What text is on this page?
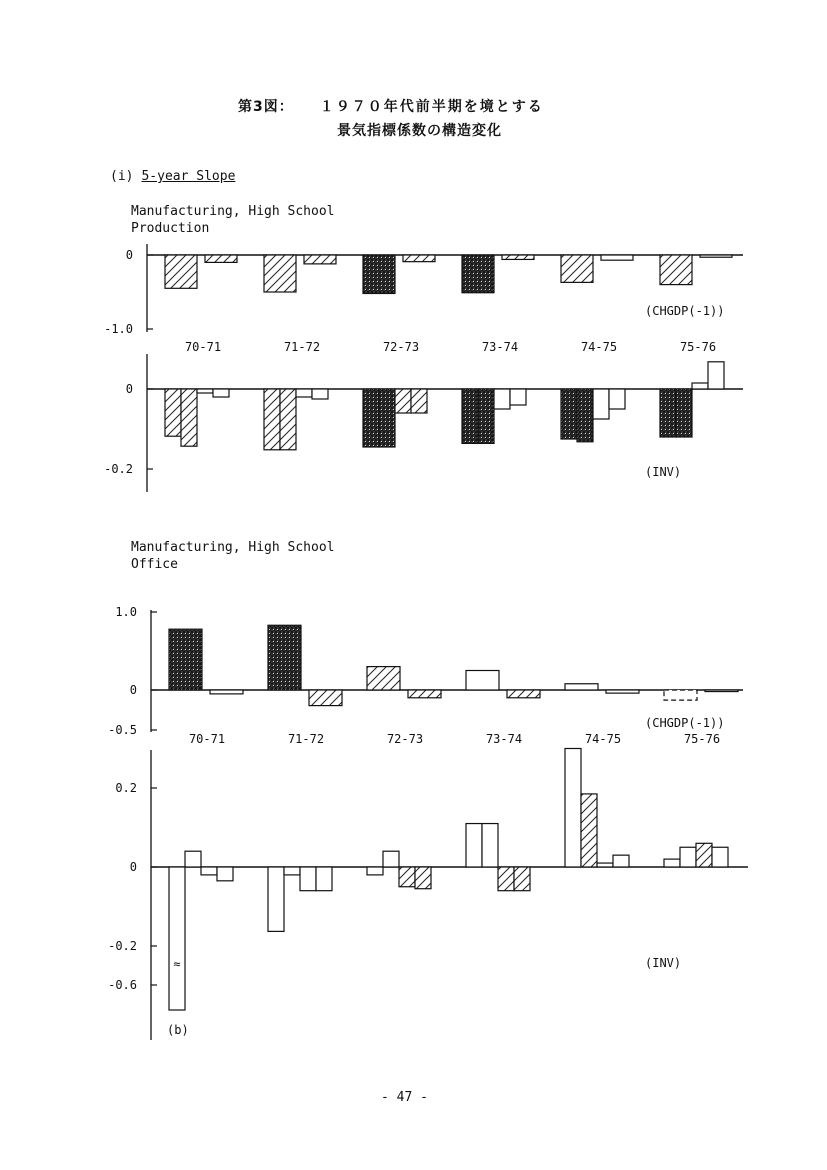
第3図： １９７０年代前半期を境とする
景気指標係数の構造変化
(i) 5-year Slope
Manufacturing, High School
Production
Manufacturing, High School
Office
0
-1.0
70-71	71-72	72-73	73-74	74-75	75-76
(CHGDP(-1))
0
-0.2	(INV)
1.0
0
-0.5
70-71	71-72	72-73	73-74	74-75	75-76
(CHGDP(-1))
0.2
0
-0.2
-0.6
≈	(INV)
(b)
- 47 -
